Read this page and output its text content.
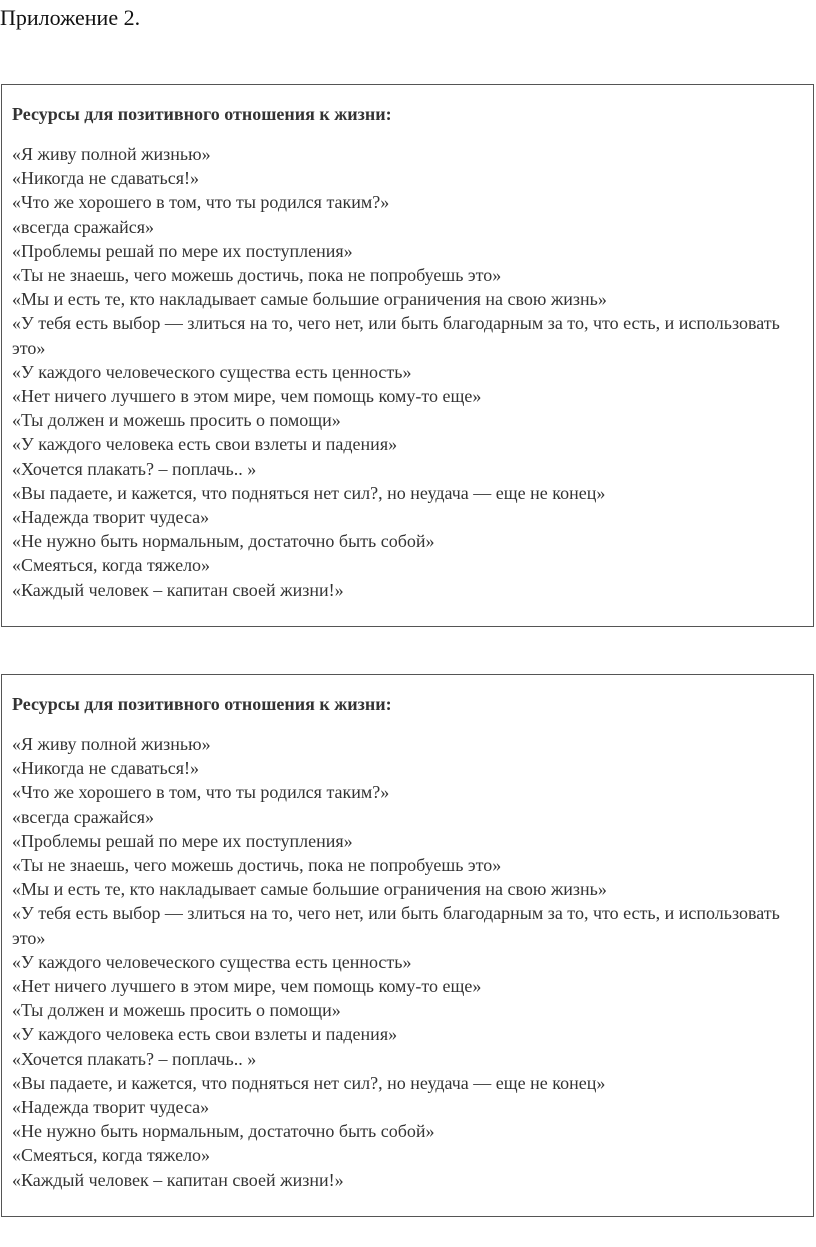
Приложение 2.
Ресурсы для позитивного отношения к жизни:
«Я живу полной жизнью»
«Никогда не сдаваться!»
«Что же хорошего в том, что ты родился таким?»
«всегда сражайся»
«Проблемы решай по мере их поступления»
«Ты не знаешь, чего можешь достичь, пока не попробуешь это»
«Мы и есть те, кто накладывает самые большие ограничения на свою жизнь»
«У тебя есть выбор — злиться на то, чего нет, или быть благодарным за то, что есть, и использовать это»
«У каждого человеческого существа есть ценность»
«Нет ничего лучшего в этом мире, чем помощь кому-то еще»
«Ты должен и можешь просить о помощи»
«У каждого человека есть свои взлеты и падения»
«Хочется плакать? – поплачь.. »
«Вы падаете, и кажется, что подняться нет сил?, но неудача — еще не конец»
«Надежда творит чудеса»
«Не нужно быть нормальным, достаточно быть собой»
«Смеяться, когда тяжело»
«Каждый человек – капитан своей жизни!»
Ресурсы для позитивного отношения к жизни:
«Я живу полной жизнью»
«Никогда не сдаваться!»
«Что же хорошего в том, что ты родился таким?»
«всегда сражайся»
«Проблемы решай по мере их поступления»
«Ты не знаешь, чего можешь достичь, пока не попробуешь это»
«Мы и есть те, кто накладывает самые большие ограничения на свою жизнь»
«У тебя есть выбор — злиться на то, чего нет, или быть благодарным за то, что есть, и использовать это»
«У каждого человеческого существа есть ценность»
«Нет ничего лучшего в этом мире, чем помощь кому-то еще»
«Ты должен и можешь просить о помощи»
«У каждого человека есть свои взлеты и падения»
«Хочется плакать? – поплачь.. »
«Вы падаете, и кажется, что подняться нет сил?, но неудача — еще не конец»
«Надежда творит чудеса»
«Не нужно быть нормальным, достаточно быть собой»
«Смеяться, когда тяжело»
«Каждый человек – капитан своей жизни!»
